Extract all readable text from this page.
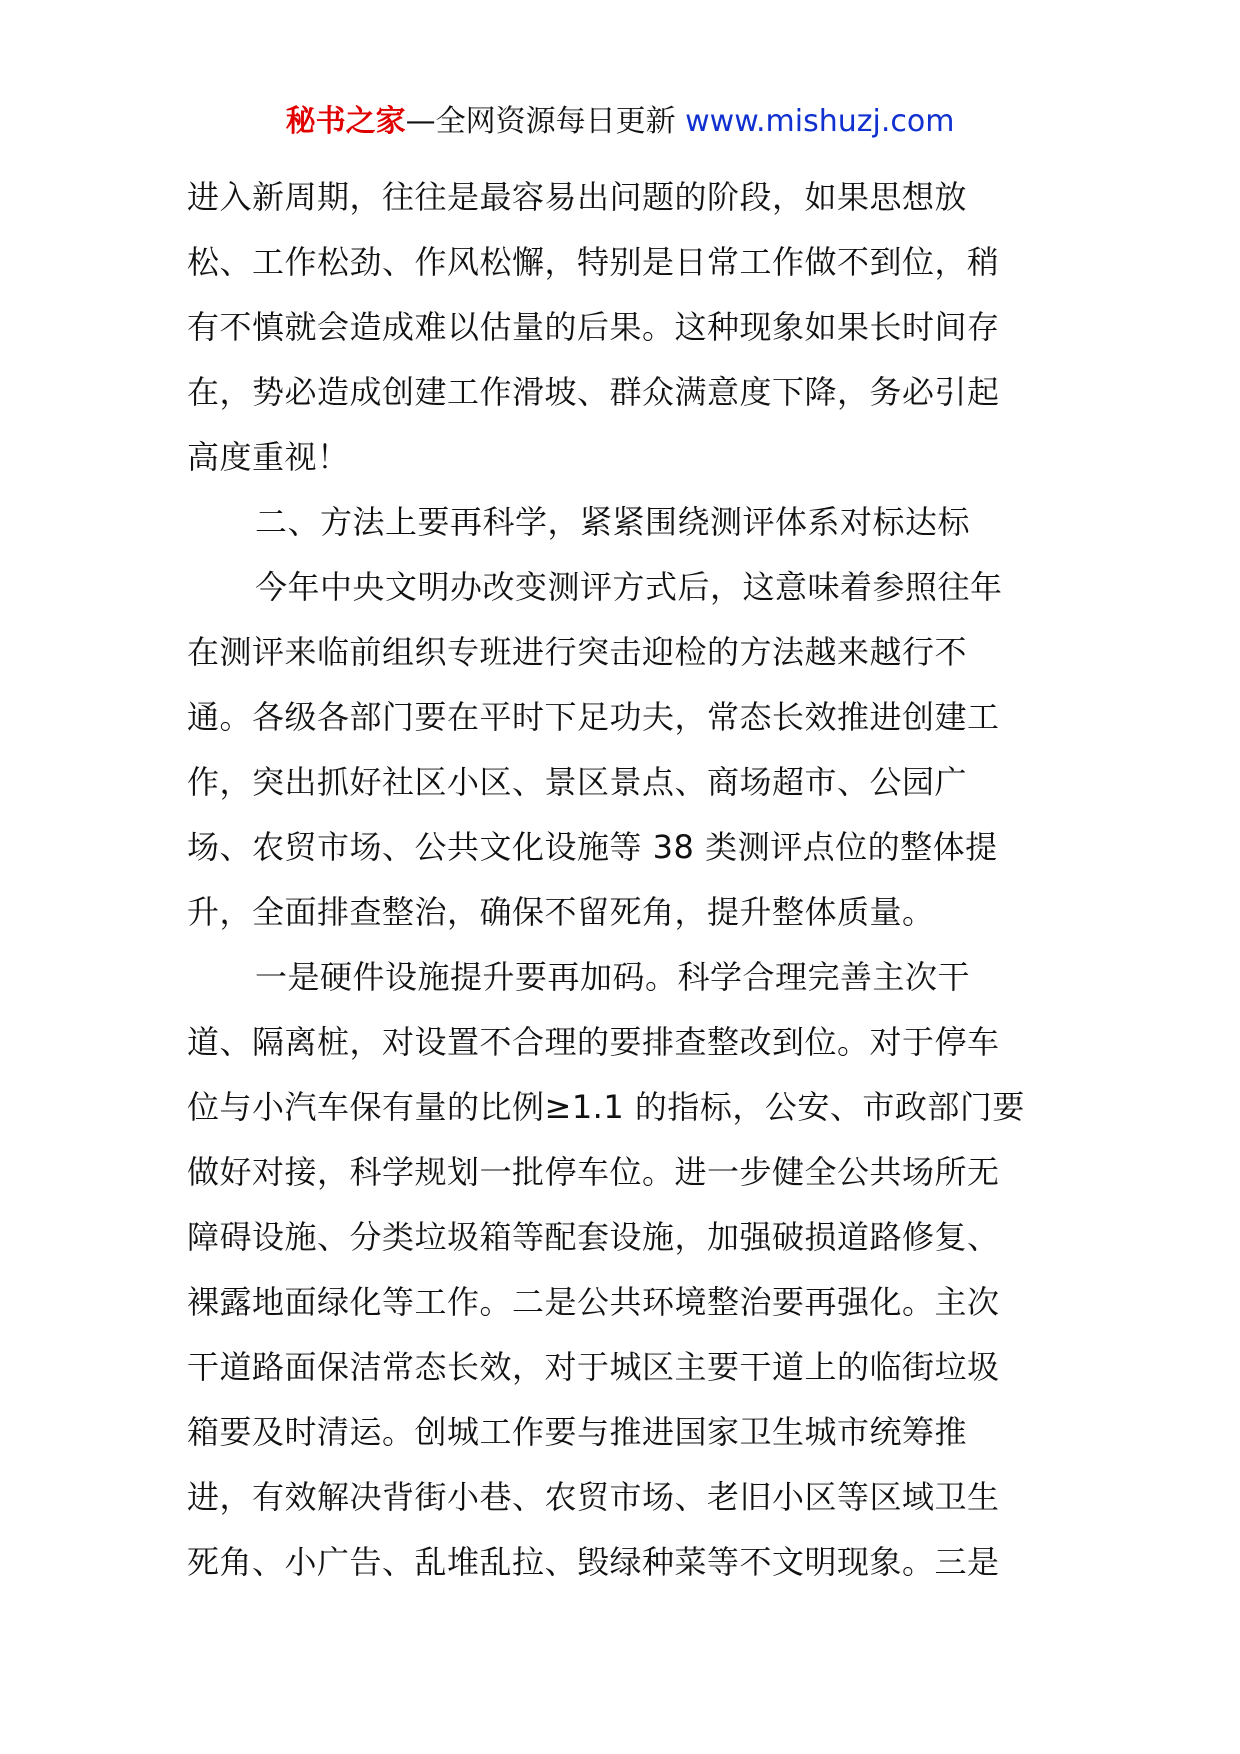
秘书之家—全网资源每日更新 www.mishuzj.com
进入新周期，往往是最容易出问题的阶段，如果思想放
松、工作松劲、作风松懈，特别是日常工作做不到位，稍
有不慎就会造成难以估量的后果。这种现象如果长时间存
在，势必造成创建工作滑坡、群众满意度下降，务必引起
高度重视！
二、方法上要再科学，紧紧围绕测评体系对标达标
今年中央文明办改变测评方式后，这意味着参照往年
在测评来临前组织专班进行突击迎检的方法越来越行不
通。各级各部门要在平时下足功夫，常态长效推进创建工
作，突出抓好社区小区、景区景点、商场超市、公园广
场、农贸市场、公共文化设施等 38 类测评点位的整体提
升，全面排查整治，确保不留死角，提升整体质量。
一是硬件设施提升要再加码。科学合理完善主次干
道、隔离桩，对设置不合理的要排查整改到位。对于停车
位与小汽车保有量的比例≥1.1 的指标，公安、市政部门要
做好对接，科学规划一批停车位。进一步健全公共场所无
障碍设施、分类垃圾箱等配套设施，加强破损道路修复、
裸露地面绿化等工作。二是公共环境整治要再强化。主次
干道路面保洁常态长效，对于城区主要干道上的临街垃圾
箱要及时清运。创城工作要与推进国家卫生城市统筹推
进，有效解决背街小巷、农贸市场、老旧小区等区域卫生
死角、小广告、乱堆乱拉、毁绿种菜等不文明现象。三是
